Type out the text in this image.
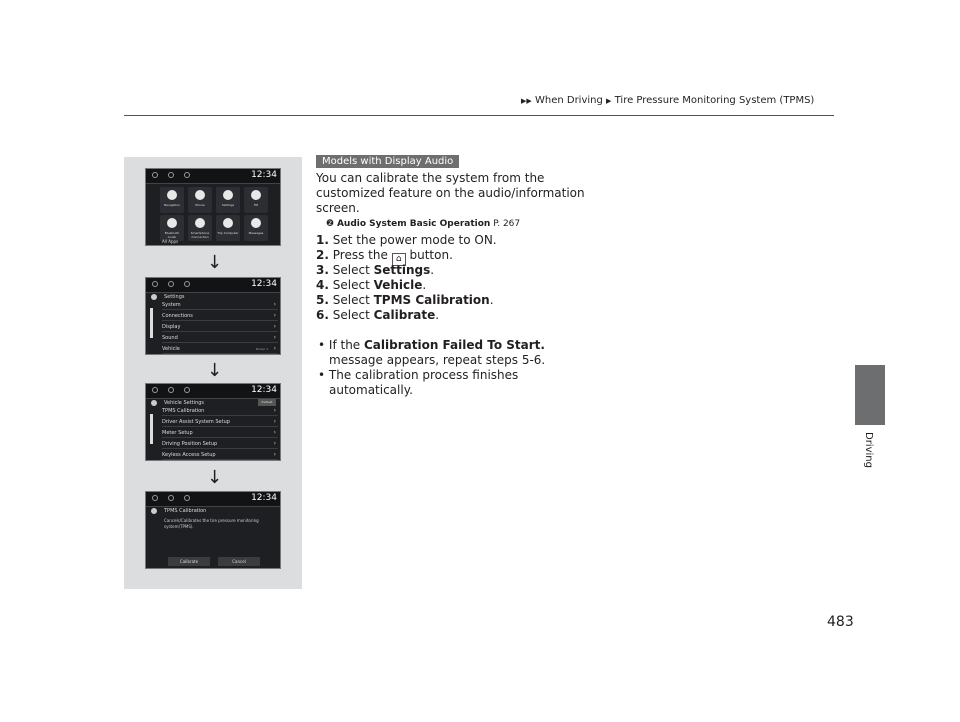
▶▶ When Driving ▶ Tire Pressure Monitoring System (TPMS)
Driving
483
12:34
Navigation	Phone	Settings	FM
Bluetooth Audio
Smartphone Connection
Trip Computer	Messages
All Apps
↓
12:34
Settings
System	›
Connections	›
Display	›
Sound	›
Vehicle	Driver 1 ›
↓
12:34
Vehicle Settings	Default
TPMS Calibration	›
Driver Assist System Setup	›
Meter Setup	›
Driving Position Setup	›
Keyless Access Setup	›
↓
12:34
TPMS Calibration
Cancels/Calibrates the tire pressure monitoring system(TPMS).
Calibrate	Cancel
Models with Display Audio
You can calibrate the system from the
customized feature on the audio/information
screen.
❷ Audio System Basic Operation P. 267
1. Set the power mode to ON.
2. Press the ⌂ button.
3. Select Settings.
4. Select Vehicle.
5. Select TPMS Calibration.
6. Select Calibrate.
• If the Calibration Failed To Start.
message appears, repeat steps 5-6.
• The calibration process finishes
automatically.
